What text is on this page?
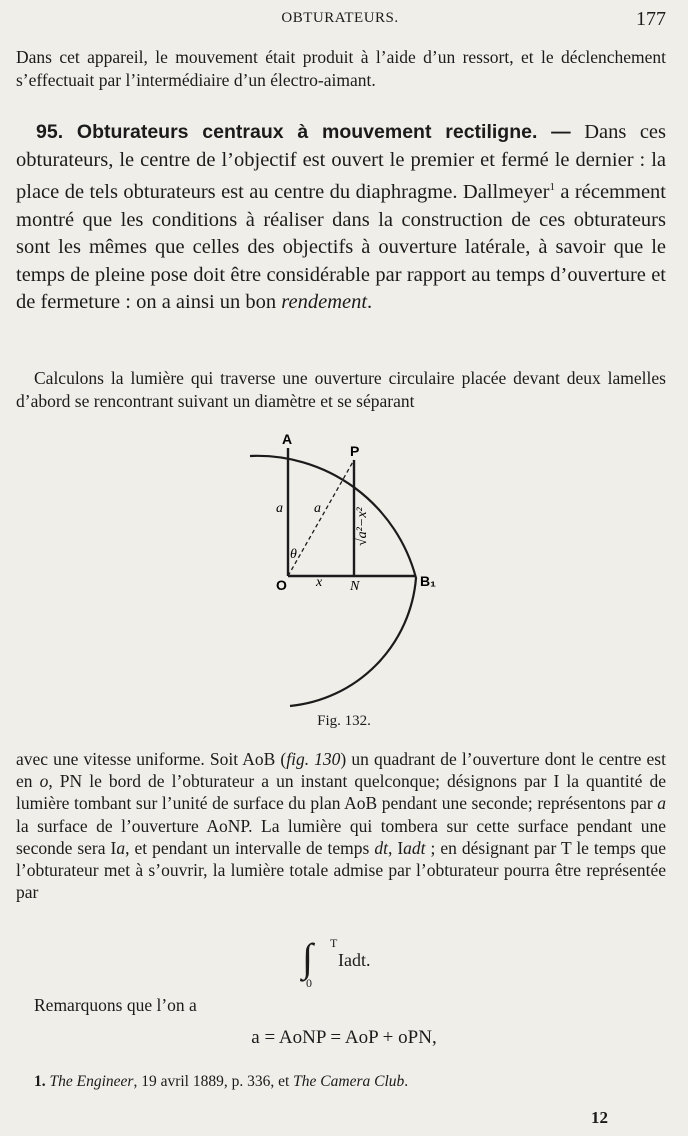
OBTURATEURS.	177

Dans cet appareil, le mouvement était produit à l’aide d’un ressort, et le déclenchement s’effectuait par l’intermédiaire d’un électro-aimant.

95. Obturateurs centraux à mouvement rectiligne. — Dans ces obturateurs, le centre de l’objectif est ouvert le premier et fermé le dernier : la place de tels obturateurs est au centre du diaphragme. Dallmeyer$^1$ a récemment montré que les conditions à réaliser dans la construction de ces obturateurs sont les mêmes que celles des objectifs à ouverture latérale, à savoir que le temps de pleine pose doit être considérable par rapport au temps d’ouverture et de fermeture : on a ainsi un bon rendement.

Calculons la lumière qui traverse une ouverture circulaire placée devant deux lamelles d’abord se rencontrant suivant un diamètre et se séparant

A
P
O	B₁
N
a a
θ
x
√a²−x²
Fig. 132.

avec une vitesse uniforme. Soit AoB (fig. 130) un quadrant de l’ouverture dont le centre est en o, PN le bord de l’obturateur a un instant quelconque; désignons par I la quantité de lumière tombant sur l’unité de surface du plan AoB pendant une seconde; représentons par a la surface de l’ouverture AoNP. La lumière qui tombera sur cette surface pendant une seconde sera Ia, et pendant un intervalle de temps dt, Iadt ; en désignant par T le temps que l’obturateur met à s’ouvrir, la lumière totale admise par l’obturateur pourra être représentée par

∫ T
0
Iadt.

Remarquons que l’on a

a = AoNP = AoP + oPN,
1. The Engineer, 19 avril 1889, p. 336, et The Camera Club.
12
